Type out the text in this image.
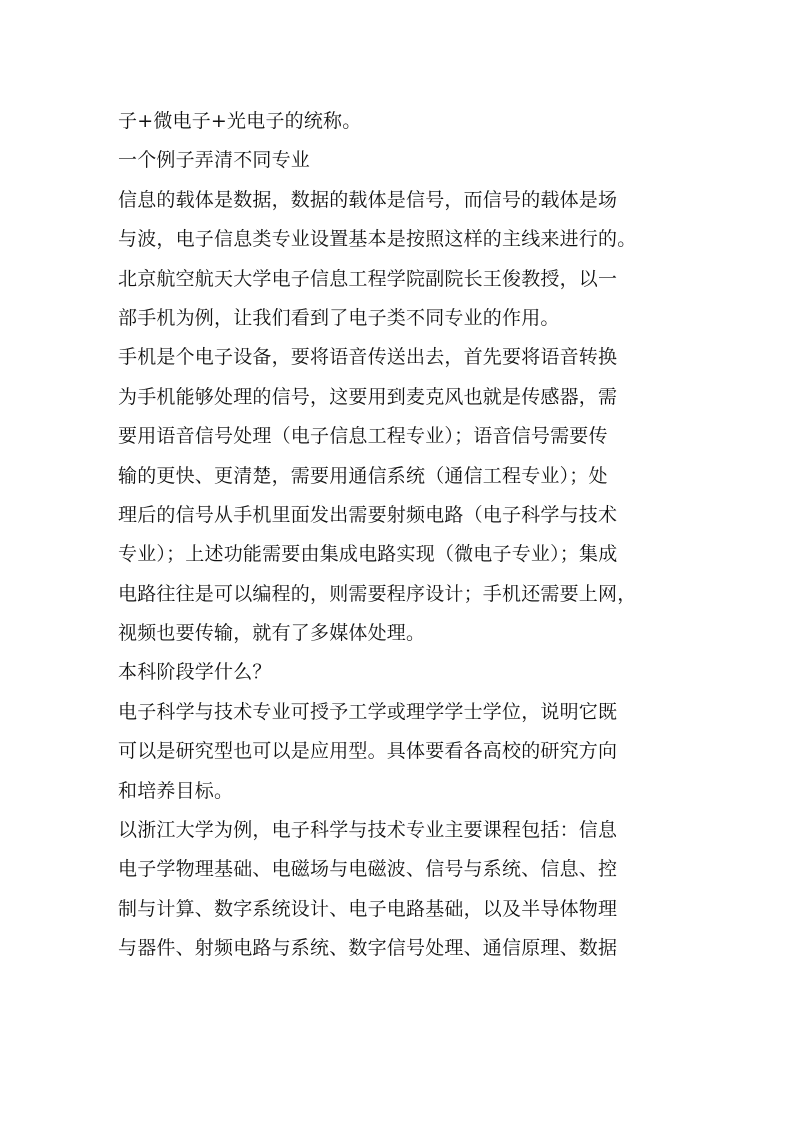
子+微电子+光电子的统称。
一个例子弄清不同专业
信息的载体是数据，数据的载体是信号，而信号的载体是场
与波，电子信息类专业设置基本是按照这样的主线来进行的。
北京航空航天大学电子信息工程学院副院长王俊教授，以一
部手机为例，让我们看到了电子类不同专业的作用。
手机是个电子设备，要将语音传送出去，首先要将语音转换
为手机能够处理的信号，这要用到麦克风也就是传感器，需
要用语音信号处理（电子信息工程专业）；语音信号需要传
输的更快、更清楚，需要用通信系统（通信工程专业）；处
理后的信号从手机里面发出需要射频电路（电子科学与技术
专业）；上述功能需要由集成电路实现（微电子专业）；集成
电路往往是可以编程的，则需要程序设计；手机还需要上网，
视频也要传输，就有了多媒体处理。
本科阶段学什么？
电子科学与技术专业可授予工学或理学学士学位，说明它既
可以是研究型也可以是应用型。具体要看各高校的研究方向
和培养目标。
以浙江大学为例，电子科学与技术专业主要课程包括：信息
电子学物理基础、电磁场与电磁波、信号与系统、信息、控
制与计算、数字系统设计、电子电路基础，以及半导体物理
与器件、射频电路与系统、数字信号处理、通信原理、数据
